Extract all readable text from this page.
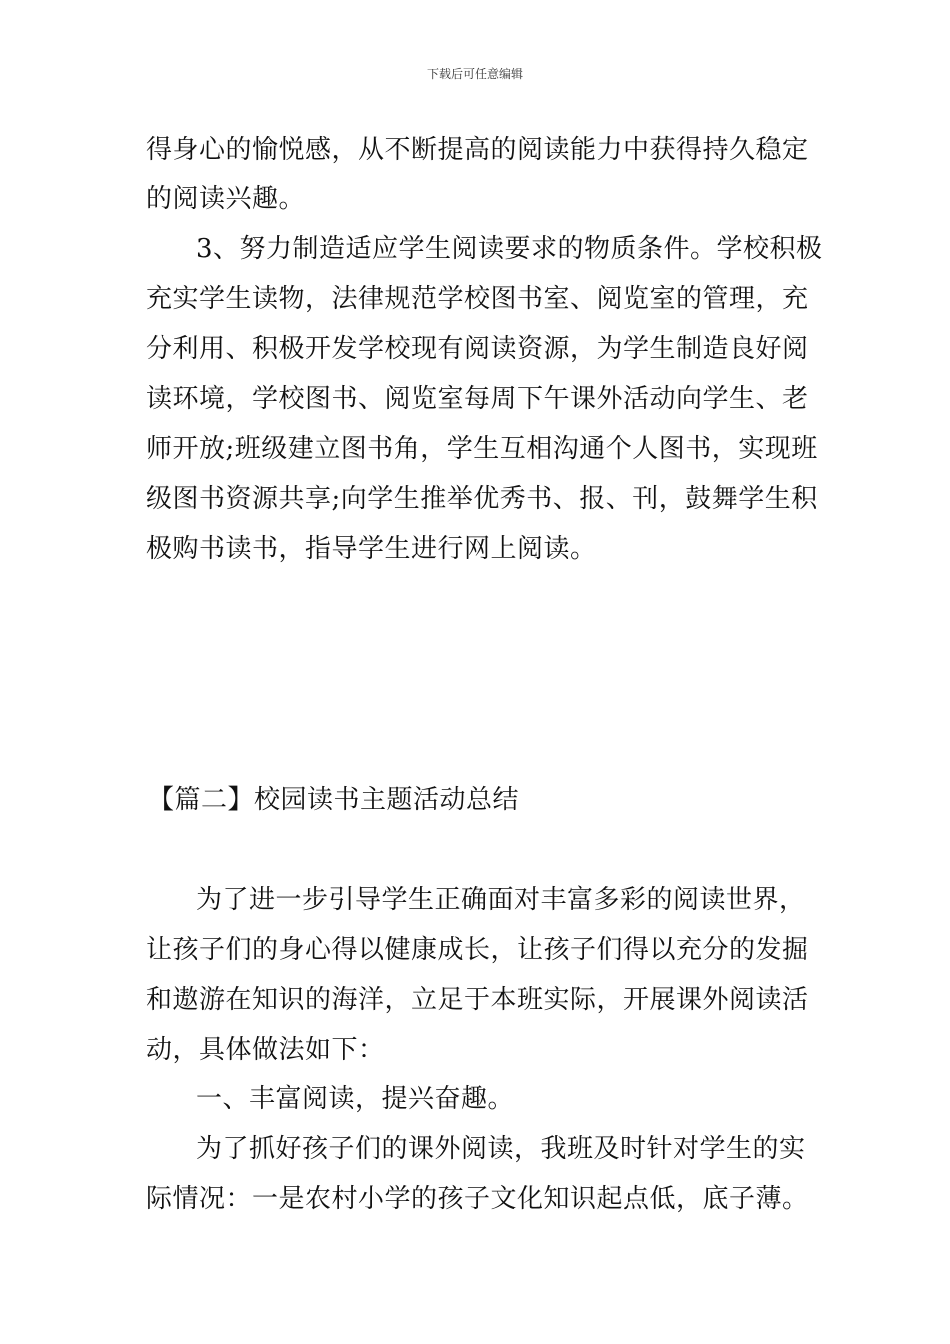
下载后可任意编辑
得身心的愉悦感，从不断提高的阅读能力中获得持久稳定
的阅读兴趣。
3、努力制造适应学生阅读要求的物质条件。学校积极
充实学生读物，法律规范学校图书室、阅览室的管理，充
分利用、积极开发学校现有阅读资源，为学生制造良好阅
读环境，学校图书、阅览室每周下午课外活动向学生、老
师开放;班级建立图书角，学生互相沟通个人图书，实现班
级图书资源共享;向学生推举优秀书、报、刊，鼓舞学生积
极购书读书，指导学生进行网上阅读。
【篇二】校园读书主题活动总结
为了进一步引导学生正确面对丰富多彩的阅读世界，
让孩子们的身心得以健康成长，让孩子们得以充分的发掘
和遨游在知识的海洋，立足于本班实际，开展课外阅读活
动，具体做法如下：
一、丰富阅读，提兴奋趣。
为了抓好孩子们的课外阅读，我班及时针对学生的实
际情况：一是农村小学的孩子文化知识起点低，底子薄。
